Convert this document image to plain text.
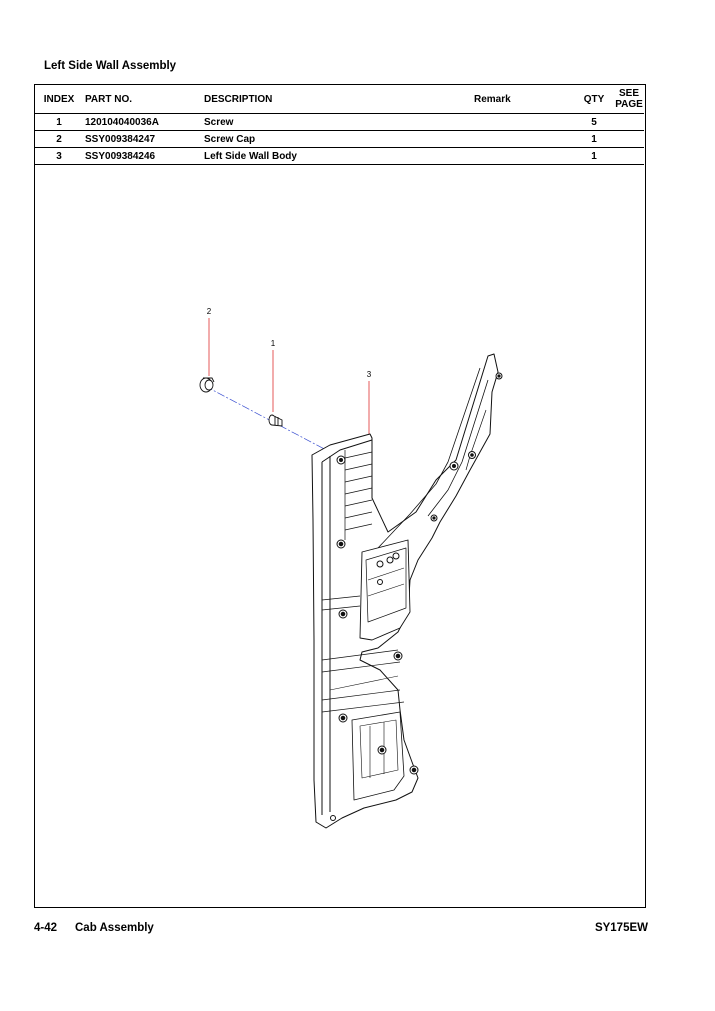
Left Side Wall Assembly
INDEX	PART NO.	DESCRIPTION	Remark	QTY	SEE
PAGE
1	120104040036A	Screw		5	
2	SSY009384247	Screw Cap		1	
3	SSY009384246	Left Side Wall Body		1	
2
1
3
4-42 Cab Assembly	SY175EW
